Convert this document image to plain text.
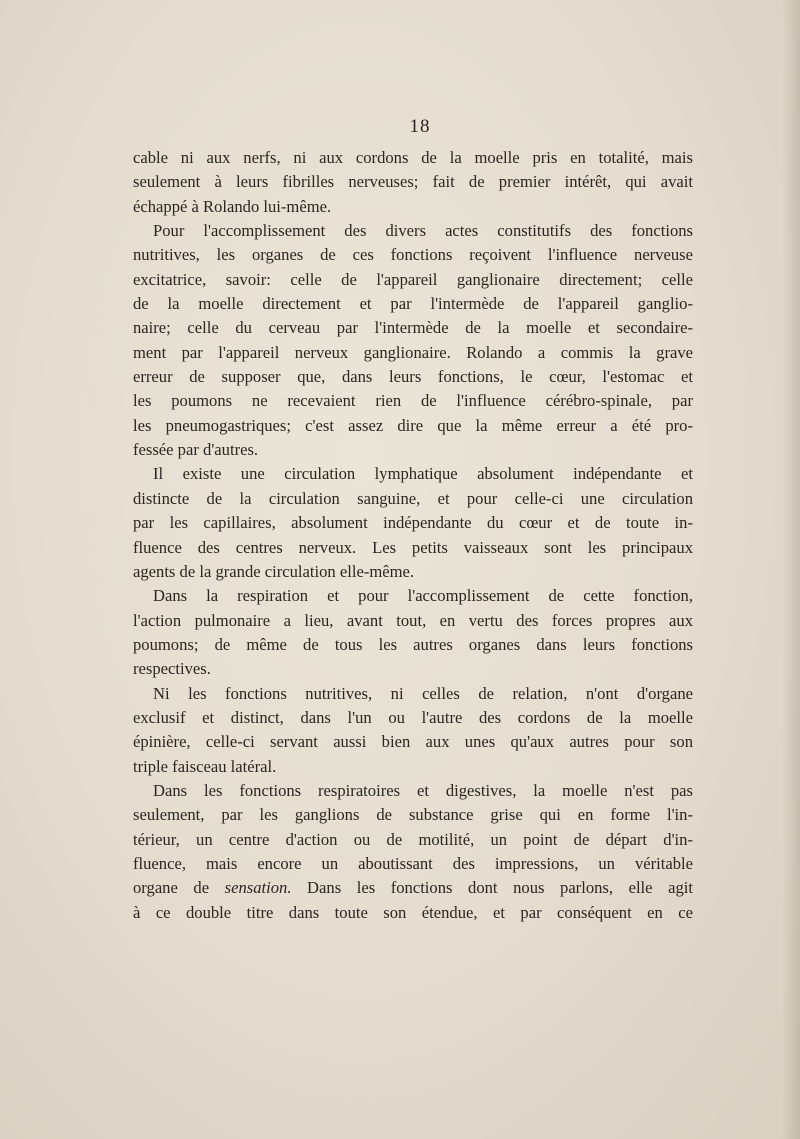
18

cable ni aux nerfs, ni aux cordons de la moelle pris en totalité, mais
seulement à leurs fibrilles nerveuses; fait de premier intérêt, qui avait
échappé à Rolando lui-même.

Pour l'accomplissement des divers actes constitutifs des fonctions
nutritives, les organes de ces fonctions reçoivent l'influence nerveuse
excitatrice, savoir: celle de l'appareil ganglionaire directement; celle
de la moelle directement et par l'intermède de l'appareil ganglio-
naire; celle du cerveau par l'intermède de la moelle et secondaire-
ment par l'appareil nerveux ganglionaire. Rolando a commis la grave
erreur de supposer que, dans leurs fonctions, le cœur, l'estomac et
les poumons ne recevaient rien de l'influence cérébro-spinale, par
les pneumogastriques; c'est assez dire que la même erreur a été pro-
fessée par d'autres.

Il existe une circulation lymphatique absolument indépendante et
distincte de la circulation sanguine, et pour celle-ci une circulation
par les capillaires, absolument indépendante du cœur et de toute in-
fluence des centres nerveux. Les petits vaisseaux sont les principaux
agents de la grande circulation elle-même.

Dans la respiration et pour l'accomplissement de cette fonction,
l'action pulmonaire a lieu, avant tout, en vertu des forces propres aux
poumons; de même de tous les autres organes dans leurs fonctions
respectives.

Ni les fonctions nutritives, ni celles de relation, n'ont d'organe
exclusif et distinct, dans l'un ou l'autre des cordons de la moelle
épinière, celle-ci servant aussi bien aux unes qu'aux autres pour son
triple faisceau latéral.

Dans les fonctions respiratoires et digestives, la moelle n'est pas
seulement, par les ganglions de substance grise qui en forme l'in-
térieur, un centre d'action ou de motilité, un point de départ d'in-
fluence, mais encore un aboutissant des impressions, un véritable
organe de sensation. Dans les fonctions dont nous parlons, elle agit
à ce double titre dans toute son étendue, et par conséquent en ce
